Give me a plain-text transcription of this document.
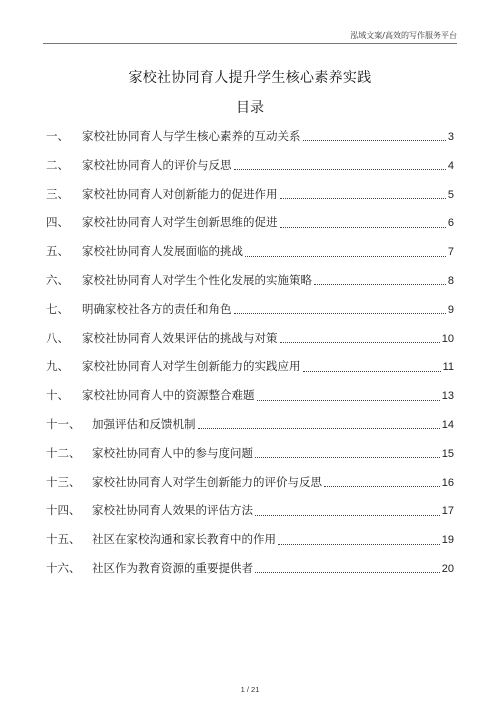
泓域文案/高效的写作服务平台
家校社协同育人提升学生核心素养实践
目录
一、	家校社协同育人与学生核心素养的互动关系	3
二、	家校社协同育人的评价与反思	4
三、	家校社协同育人对创新能力的促进作用	5
四、	家校社协同育人对学生创新思维的促进	6
五、	家校社协同育人发展面临的挑战	7
六、	家校社协同育人对学生个性化发展的实施策略	8
七、	明确家校社各方的责任和角色	9
八、	家校社协同育人效果评估的挑战与对策	10
九、	家校社协同育人对学生创新能力的实践应用	11
十、	家校社协同育人中的资源整合难题	13
十一、	加强评估和反馈机制	14
十二、	家校社协同育人中的参与度问题	15
十三、	家校社协同育人对学生创新能力的评价与反思	16
十四、	家校社协同育人效果的评估方法	17
十五、	社区在家校沟通和家长教育中的作用	19
十六、	社区作为教育资源的重要提供者	20
1 / 21
